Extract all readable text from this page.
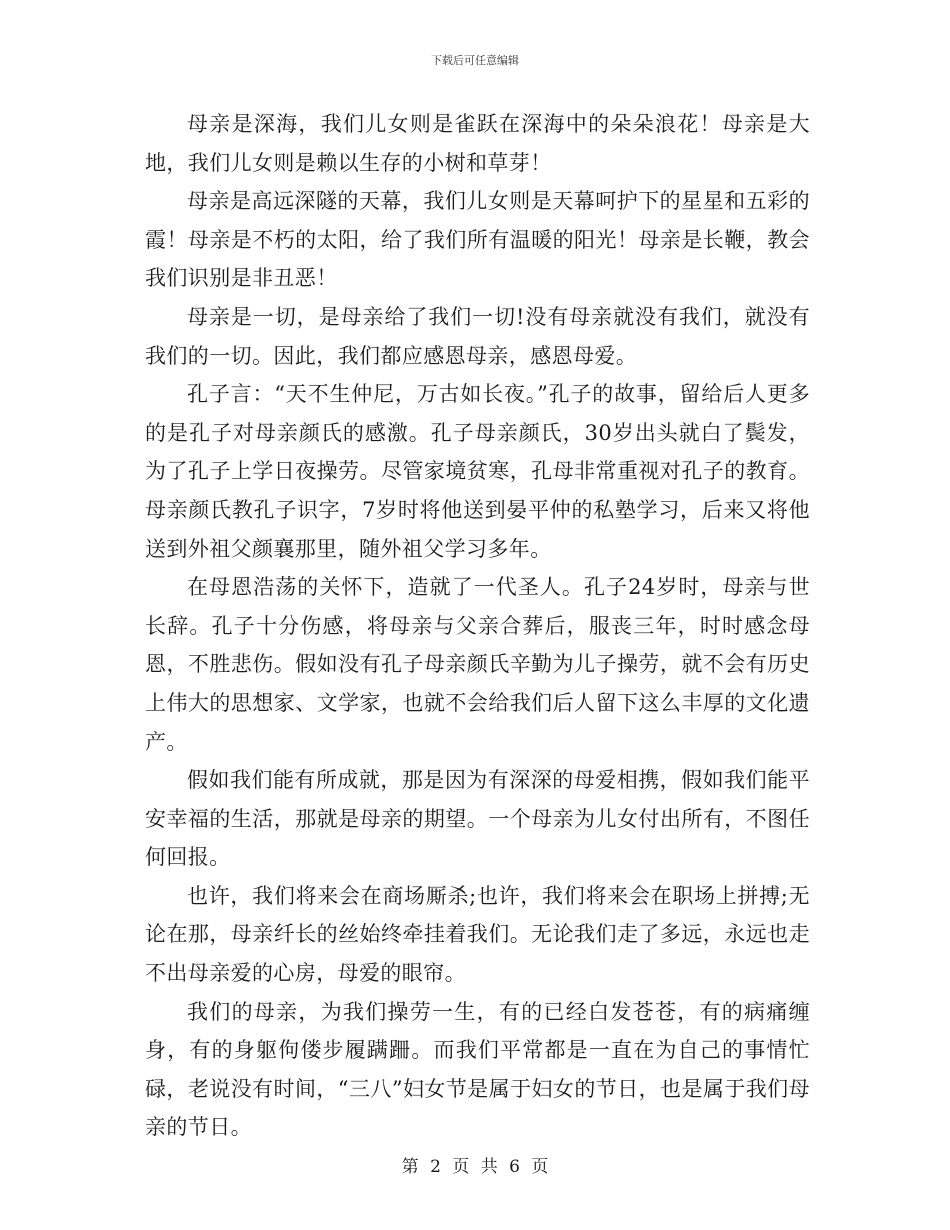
下载后可任意编辑

母亲是深海，我们儿女则是雀跃在深海中的朵朵浪花！母亲是大地，我们儿女则是赖以生存的小树和草芽！

母亲是高远深隧的天幕，我们儿女则是天幕呵护下的星星和五彩的霞！母亲是不朽的太阳，给了我们所有温暖的阳光！母亲是长鞭，教会我们识别是非丑恶！

母亲是一切，是母亲给了我们一切!没有母亲就没有我们，就没有我们的一切。因此，我们都应感恩母亲，感恩母爱。

孔子言：“天不生仲尼，万古如长夜。”孔子的故事，留给后人更多的是孔子对母亲颜氏的感激。孔子母亲颜氏，30岁出头就白了鬓发，为了孔子上学日夜操劳。尽管家境贫寒，孔母非常重视对孔子的教育。母亲颜氏教孔子识字，7岁时将他送到晏平仲的私塾学习，后来又将他送到外祖父颜襄那里，随外祖父学习多年。

在母恩浩荡的关怀下，造就了一代圣人。孔子24岁时，母亲与世长辞。孔子十分伤感，将母亲与父亲合葬后，服丧三年，时时感念母恩，不胜悲伤。假如没有孔子母亲颜氏辛勤为儿子操劳，就不会有历史上伟大的思想家、文学家，也就不会给我们后人留下这么丰厚的文化遗产。

假如我们能有所成就，那是因为有深深的母爱相携，假如我们能平安幸福的生活，那就是母亲的期望。一个母亲为儿女付出所有，不图任何回报。

也许，我们将来会在商场厮杀;也许，我们将来会在职场上拼搏;无论在那，母亲纤长的丝始终牵挂着我们。无论我们走了多远，永远也走不出母亲爱的心房，母爱的眼帘。

我们的母亲，为我们操劳一生，有的已经白发苍苍，有的病痛缠身，有的身躯佝偻步履蹒跚。而我们平常都是一直在为自己的事情忙碌，老说没有时间，“三八”妇女节是属于妇女的节日，也是属于我们母亲的节日。

第 2 页 共 6 页
